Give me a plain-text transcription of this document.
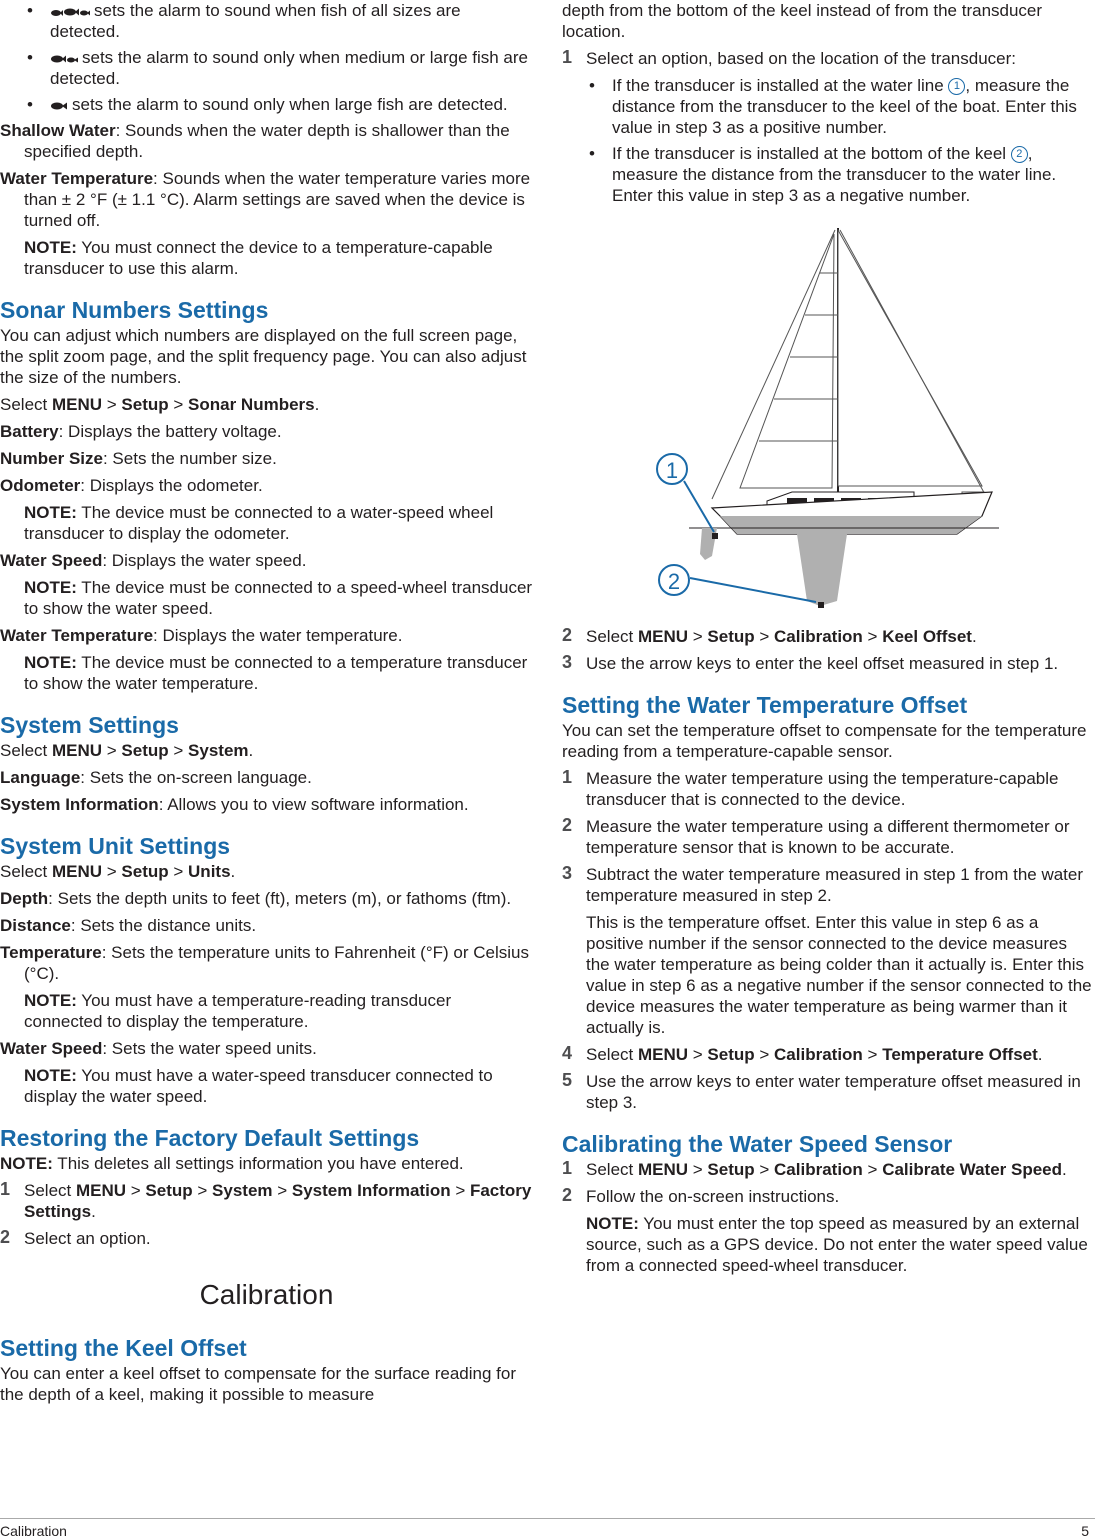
•	sets the alarm to sound when fish of all sizes are detected.
•	sets the alarm to sound only when medium or large fish are detected.
• sets the alarm to sound only when large fish are detected.
Shallow Water: Sounds when the water depth is shallower than the specified depth.
Water Temperature: Sounds when the water temperature varies more than ± 2 °F (± 1.1 °C). Alarm settings are saved when the device is turned off.
NOTE: You must connect the device to a temperature-capable transducer to use this alarm.
Sonar Numbers Settings
You can adjust which numbers are displayed on the full screen page, the split zoom page, and the split frequency page. You can also adjust the size of the numbers.
Select MENU > Setup > Sonar Numbers.
Battery: Displays the battery voltage.
Number Size: Sets the number size.
Odometer: Displays the odometer.
NOTE: The device must be connected to a water-speed wheel transducer to display the odometer.
Water Speed: Displays the water speed.
NOTE: The device must be connected to a speed-wheel transducer to show the water speed.
Water Temperature: Displays the water temperature.
NOTE: The device must be connected to a temperature transducer to show the water temperature.
System Settings
Select MENU > Setup > System.
Language: Sets the on-screen language.
System Information: Allows you to view software information.
System Unit Settings
Select MENU > Setup > Units.
Depth: Sets the depth units to feet (ft), meters (m), or fathoms (ftm).
Distance: Sets the distance units.
Temperature: Sets the temperature units to Fahrenheit (°F) or Celsius (°C).
NOTE: You must have a temperature-reading transducer connected to display the temperature.
Water Speed: Sets the water speed units.
NOTE: You must have a water-speed transducer connected to display the water speed.
Restoring the Factory Default Settings
NOTE: This deletes all settings information you have entered.
1 Select MENU > Setup > System > System Information > Factory Settings.
2 Select an option.
Calibration
Setting the Keel Offset
You can enter a keel offset to compensate for the surface reading for the depth of a keel, making it possible to measure
depth from the bottom of the keel instead of from the transducer location.
1 Select an option, based on the location of the transducer:
• If the transducer is installed at the water line 1 , measure the distance from the transducer to the keel of the boat. Enter this value in step 3 as a positive number.
• If the transducer is installed at the bottom of the keel 2 , measure the distance from the transducer to the water line. Enter this value in step 3 as a negative number.
1
2
2 Select MENU > Setup > Calibration > Keel Offset.
3 Use the arrow keys to enter the keel offset measured in step 1.
Setting the Water Temperature Offset
You can set the temperature offset to compensate for the temperature reading from a temperature-capable sensor.
1 Measure the water temperature using the temperature-capable transducer that is connected to the device.
2 Measure the water temperature using a different thermometer or temperature sensor that is known to be accurate.
3 Subtract the water temperature measured in step 1 from the water temperature measured in step 2.
This is the temperature offset. Enter this value in step 6 as a positive number if the sensor connected to the device measures the water temperature as being colder than it actually is. Enter this value in step 6 as a negative number if the sensor connected to the device measures the water temperature as being warmer than it actually is.
4 Select MENU > Setup > Calibration > Temperature Offset.
5 Use the arrow keys to enter water temperature offset measured in step 3.
Calibrating the Water Speed Sensor
1 Select MENU > Setup > Calibration > Calibrate Water Speed.
2 Follow the on-screen instructions.
NOTE: You must enter the top speed as measured by an external source, such as a GPS device. Do not enter the water speed value from a connected speed-wheel transducer.
Calibration	5
